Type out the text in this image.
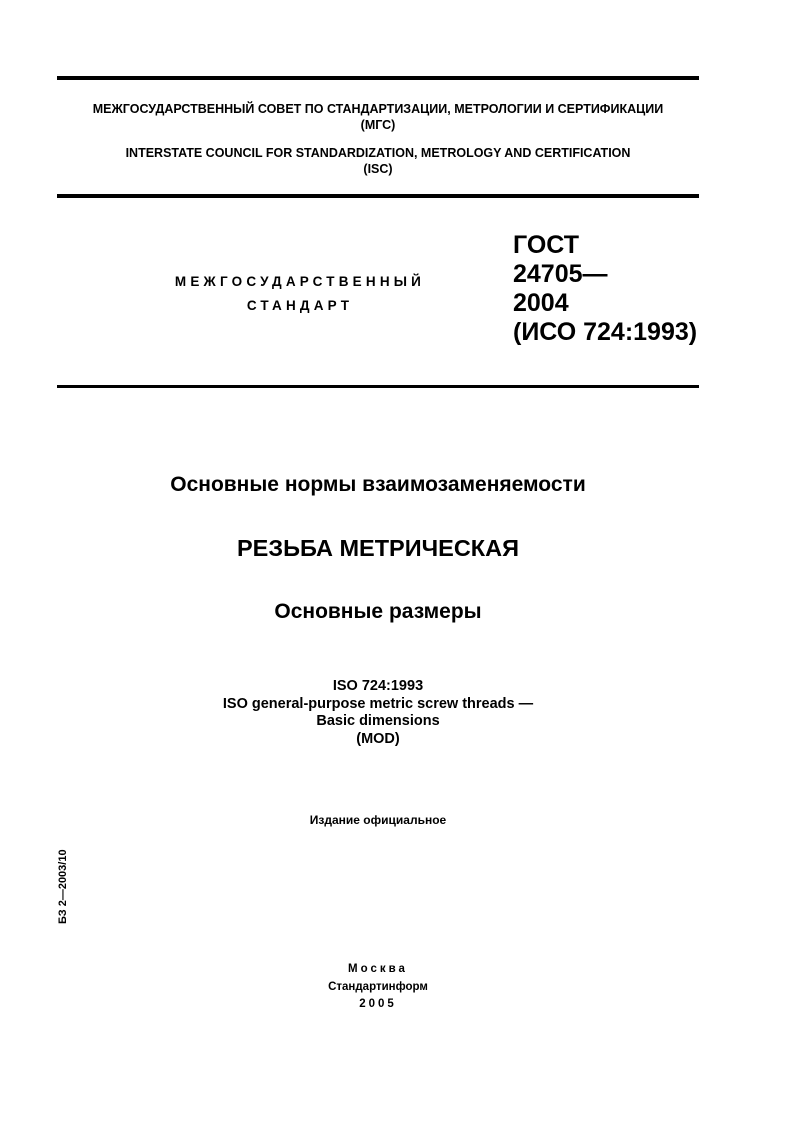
МЕЖГОСУДАРСТВЕННЫЙ СОВЕТ ПО СТАНДАРТИЗАЦИИ, МЕТРОЛОГИИ И СЕРТИФИКАЦИИ
(МГС)
INTERSTATE COUNCIL FOR STANDARDIZATION, METROLOGY AND CERTIFICATION
(ISC)
МЕЖГОСУДАРСТВЕННЫЙ
СТАНДАРТ
ГОСТ
24705—
2004
(ИСО 724:1993)
Основные нормы взаимозаменяемости
РЕЗЬБА МЕТРИЧЕСКАЯ
Основные размеры
ISO 724:1993
ISO general-purpose metric screw threads —
Basic dimensions
(MOD)
Издание официальное
БЗ 2—2003/10
Москва
Стандартинформ
2005
